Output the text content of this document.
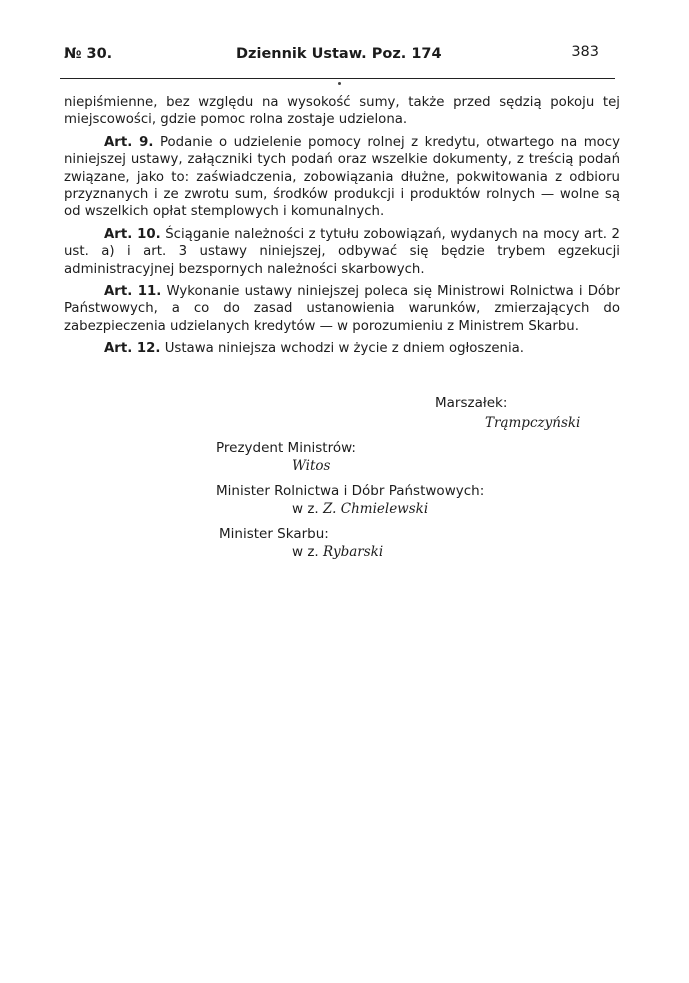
№ 30.	Dziennik Ustaw. Poz. 174	383

niepiśmienne, bez względu na wysokość sumy, także przed sędzią pokoju tej miejscowości, gdzie pomoc rolna zostaje udzielona.

Art. 9. Podanie o udzielenie pomocy rolnej z kredytu, otwartego na mocy niniejszej ustawy, załączniki tych podań oraz wszelkie dokumenty, z treścią podań związane, jako to: zaświadczenia, zobowiązania dłużne, pokwitowania z odbioru przyznanych i ze zwrotu sum, środków produkcji i produktów rolnych — wolne są od wszelkich opłat stemplowych i komunalnych.

Art. 10. Ściąganie należności z tytułu zobowiązań, wydanych na mocy art. 2 ust. a) i art. 3 ustawy niniejszej, odbywać się będzie trybem egzekucji administracyjnej bezspornych należności skarbowych.

Art. 11. Wykonanie ustawy niniejszej poleca się Ministrowi Rolnictwa i Dóbr Państwowych, a co do zasad ustanowienia warunków, zmierzających do zabezpieczenia udzielanych kredytów — w porozumieniu z Ministrem Skarbu.

Art. 12. Ustawa niniejsza wchodzi w życie z dniem ogłoszenia.

Marszałek:
Trąmpczyński
Prezydent Ministrów:
Witos
Minister Rolnictwa i Dóbr Państwowych:
w z. Z. Chmielewski
Minister Skarbu:
w z. Rybarski
